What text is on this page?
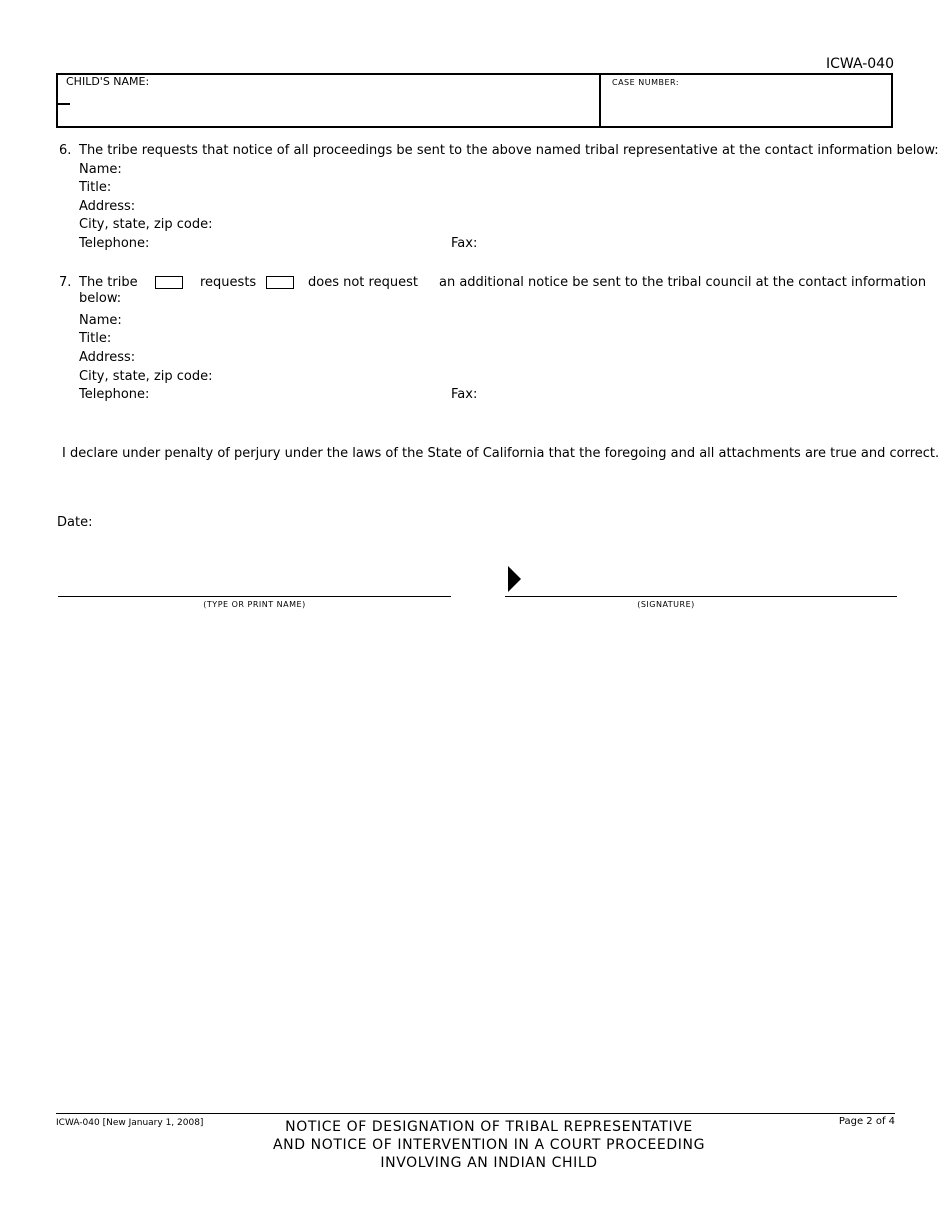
ICWA-040
CHILD'S NAME:	CASE NUMBER:
6. The tribe requests that notice of all proceedings be sent to the above named tribal representative at the contact information below:
Name:
Title:
Address:
City, state, zip code:
Telephone:	Fax:
7. The tribe	requests	does not request an additional notice be sent to the tribal council at the contact information
below:
Name:
Title:
Address:
City, state, zip code:
Telephone:	Fax:
I declare under penalty of perjury under the laws of the State of California that the foregoing and all attachments are true and correct.
Date:
(TYPE OR PRINT NAME)	(SIGNATURE)
ICWA-040 [New January 1, 2008]	Page 2 of 4
NOTICE OF DESIGNATION OF TRIBAL REPRESENTATIVE
AND NOTICE OF INTERVENTION IN A COURT PROCEEDING
INVOLVING AN INDIAN CHILD
